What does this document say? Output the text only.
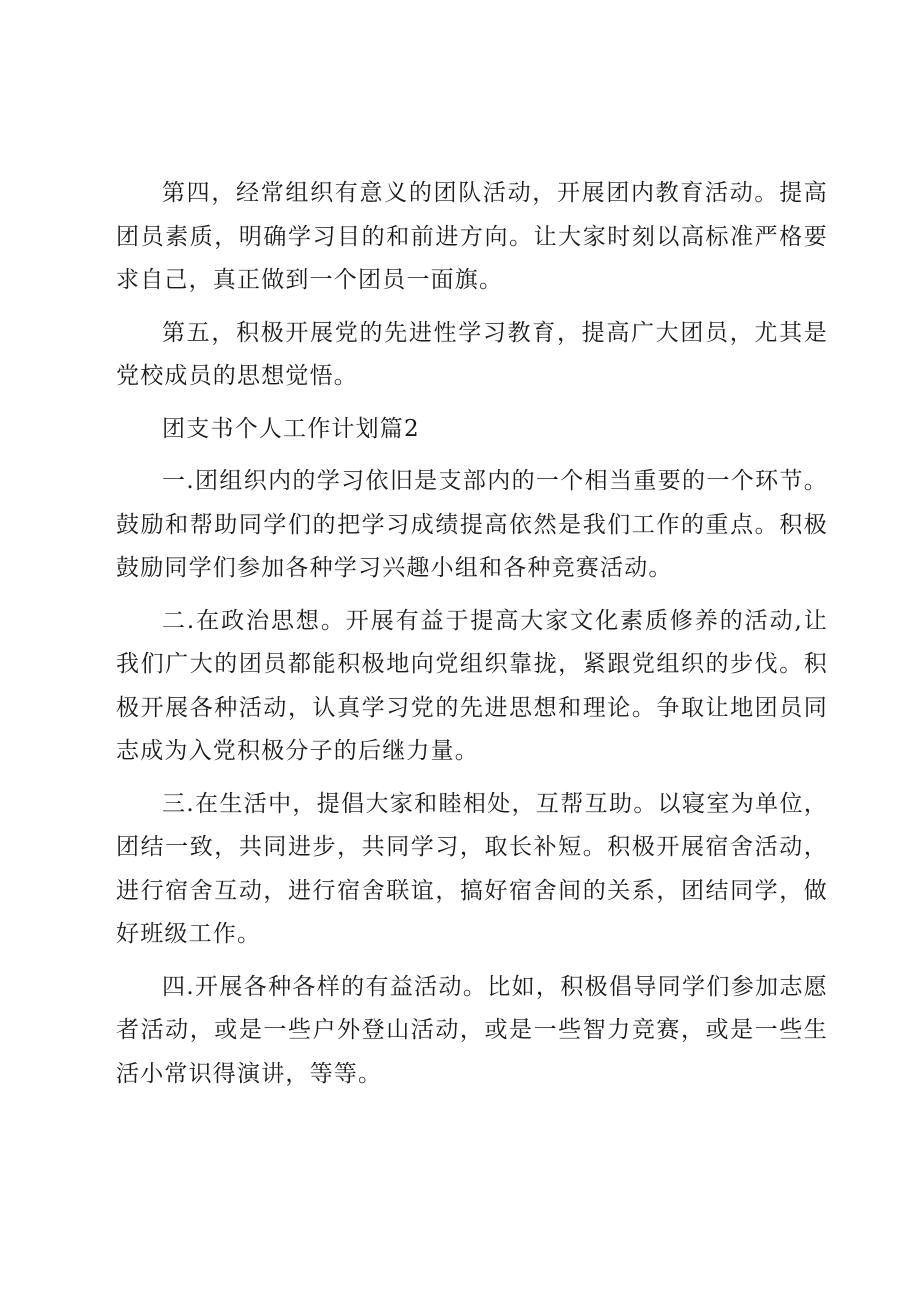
第四，经常组织有意义的团队活动，开展团内教育活动。提高团员素质，明确学习目的和前进方向。让大家时刻以高标准严格要求自己，真正做到一个团员一面旗。

第五，积极开展党的先进性学习教育，提高广大团员，尤其是党校成员的思想觉悟。

团支书个人工作计划篇2

一.团组织内的学习依旧是支部内的一个相当重要的一个环节。鼓励和帮助同学们的把学习成绩提高依然是我们工作的重点。积极鼓励同学们参加各种学习兴趣小组和各种竞赛活动。

二.在政治思想。开展有益于提高大家文化素质修养的活动,让我们广大的团员都能积极地向党组织靠拢，紧跟党组织的步伐。积极开展各种活动，认真学习党的先进思想和理论。争取让地团员同志成为入党积极分子的后继力量。

三.在生活中，提倡大家和睦相处，互帮互助。以寝室为单位，团结一致，共同进步，共同学习，取长补短。积极开展宿舍活动，进行宿舍互动，进行宿舍联谊，搞好宿舍间的关系，团结同学，做好班级工作。

四.开展各种各样的有益活动。比如，积极倡导同学们参加志愿者活动，或是一些户外登山活动，或是一些智力竞赛，或是一些生活小常识得演讲，等等。
